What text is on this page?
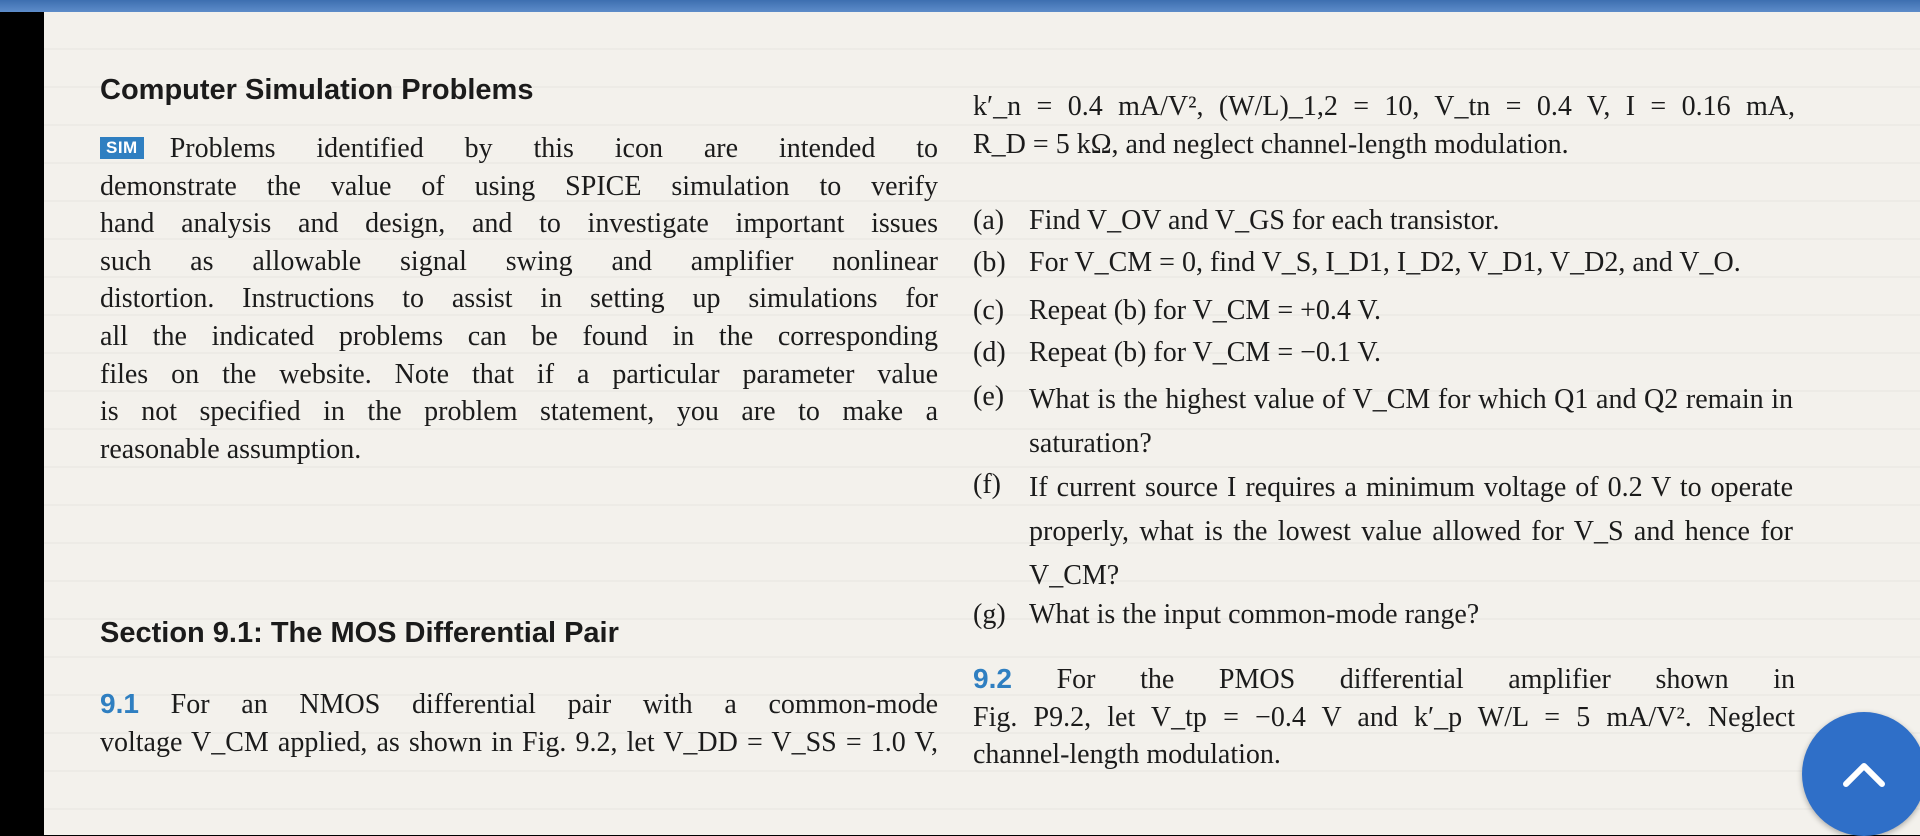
Computer Simulation Problems
SIM Problems identified by this icon are intended to
demonstrate the value of using SPICE simulation to verify
hand analysis and design, and to investigate important issues
such as allowable signal swing and amplifier nonlinear
distortion. Instructions to assist in setting up simulations for
all the indicated problems can be found in the corresponding
files on the website. Note that if a particular parameter value
is not specified in the problem statement, you are to make a
reasonable assumption.
Section 9.1: The MOS Differential Pair
9.1 For an NMOS differential pair with a common-mode
voltage V_CM applied, as shown in Fig. 9.2, let V_DD = V_SS = 1.0 V,
k′_n = 0.4 mA/V², (W/L)_1,2 = 10, V_tn = 0.4 V, I = 0.16 mA,
R_D = 5 kΩ, and neglect channel-length modulation.
(a) Find V_OV and V_GS for each transistor.
(b) For V_CM = 0, find V_S, I_D1, I_D2, V_D1, V_D2, and V_O.
(c) Repeat (b) for V_CM = +0.4 V.
(d) Repeat (b) for V_CM = −0.1 V.
(e) What is the highest value of V_CM for which Q1 and Q2 remain in saturation?
(f)	If current source I requires a minimum voltage of 0.2 V to operate properly, what is the lowest value allowed for V_S and hence for V_CM?
(g) What is the input common-mode range?
9.2 For the PMOS differential amplifier shown in
Fig. P9.2, let V_tp = −0.4 V and k′_p W/L = 5 mA/V². Neglect
channel-length modulation.
